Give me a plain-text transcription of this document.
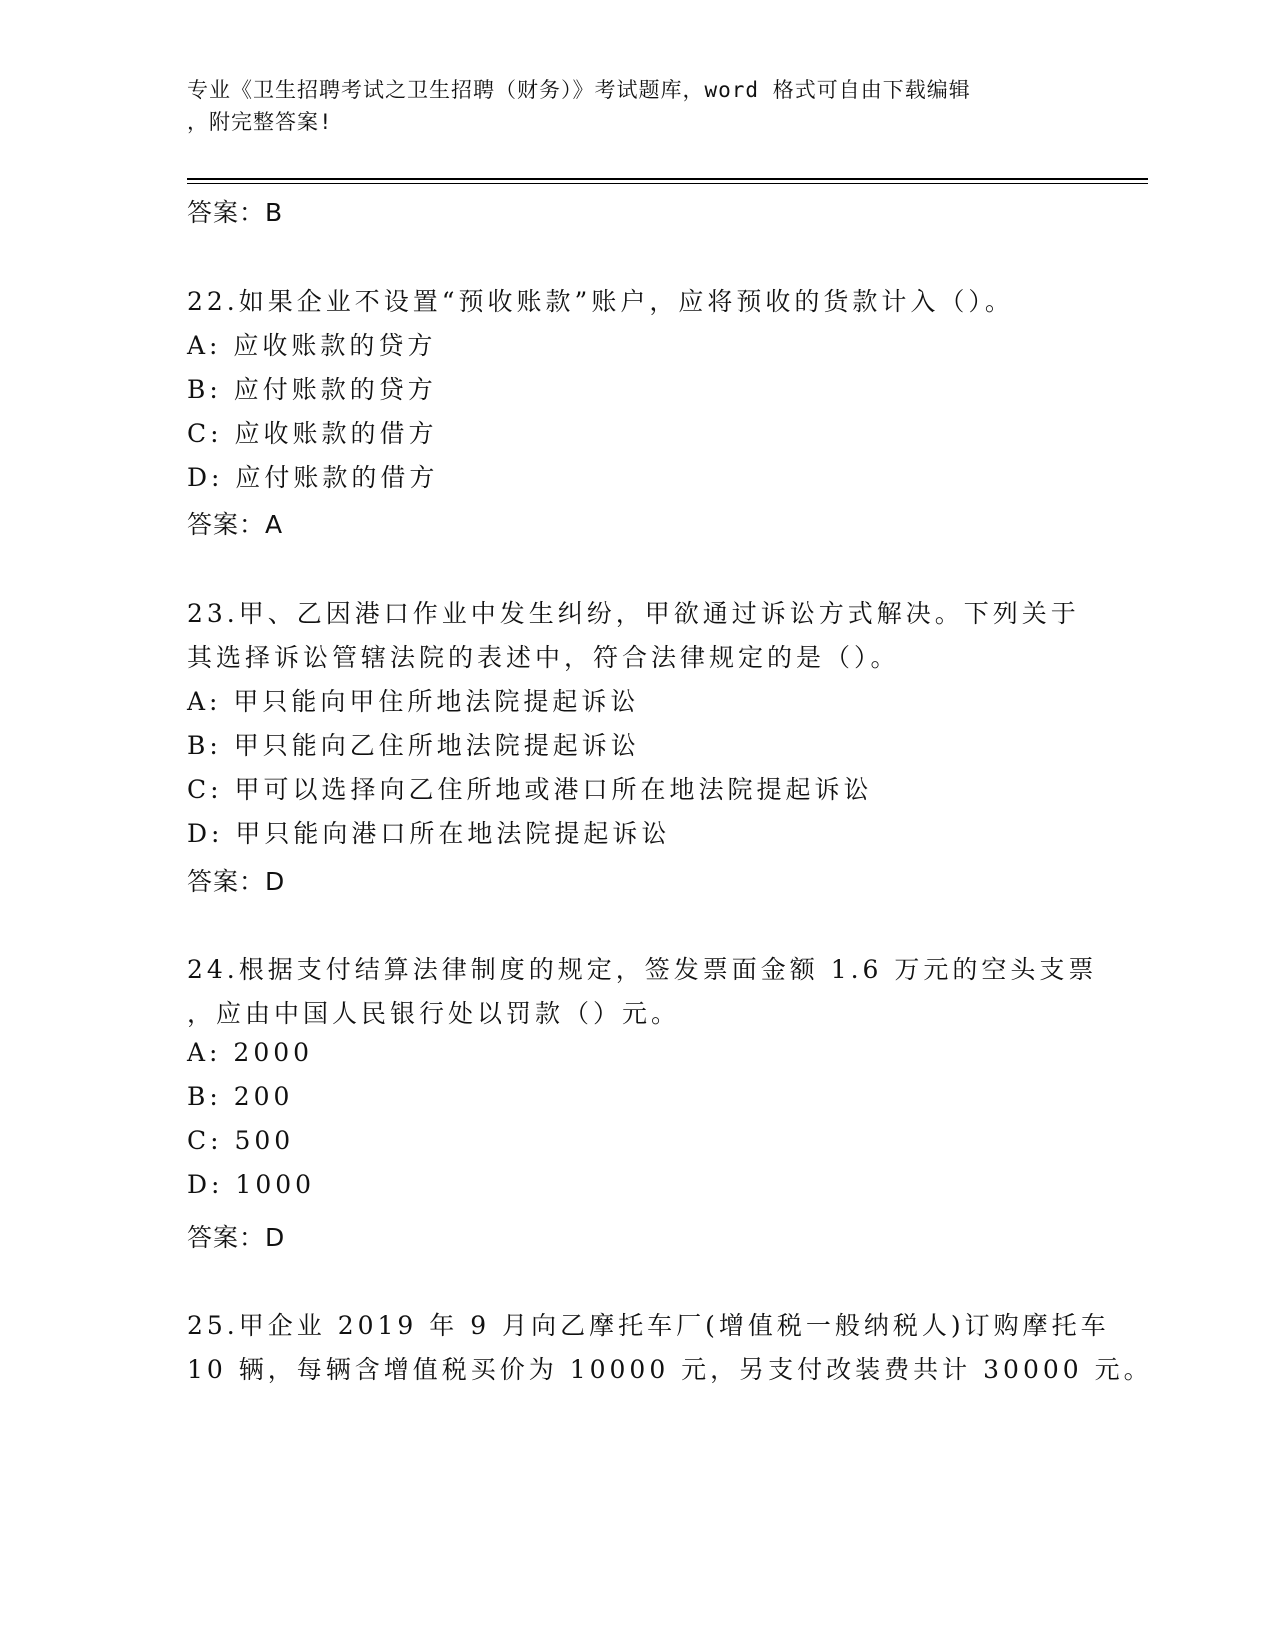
专业《卫生招聘考试之卫生招聘（财务）》考试题库，word 格式可自由下载编辑
，附完整答案!
答案：B
22.如果企业不设置“预收账款”账户，应将预收的货款计入（）。
A: 应收账款的贷方
B: 应付账款的贷方
C: 应收账款的借方
D: 应付账款的借方
答案：A
23.甲、乙因港口作业中发生纠纷，甲欲通过诉讼方式解决。下列关于
其选择诉讼管辖法院的表述中，符合法律规定的是（）。
A: 甲只能向甲住所地法院提起诉讼
B: 甲只能向乙住所地法院提起诉讼
C: 甲可以选择向乙住所地或港口所在地法院提起诉讼
D: 甲只能向港口所在地法院提起诉讼
答案：D
24.根据支付结算法律制度的规定，签发票面金额 1.6 万元的空头支票
，应由中国人民银行处以罚款（）元。
A: 2000
B: 200
C: 500
D: 1000
答案：D
25.甲企业 2019 年 9 月向乙摩托车厂(增值税一般纳税人)订购摩托车
10 辆，每辆含增值税买价为 10000 元，另支付改装费共计 30000 元。
